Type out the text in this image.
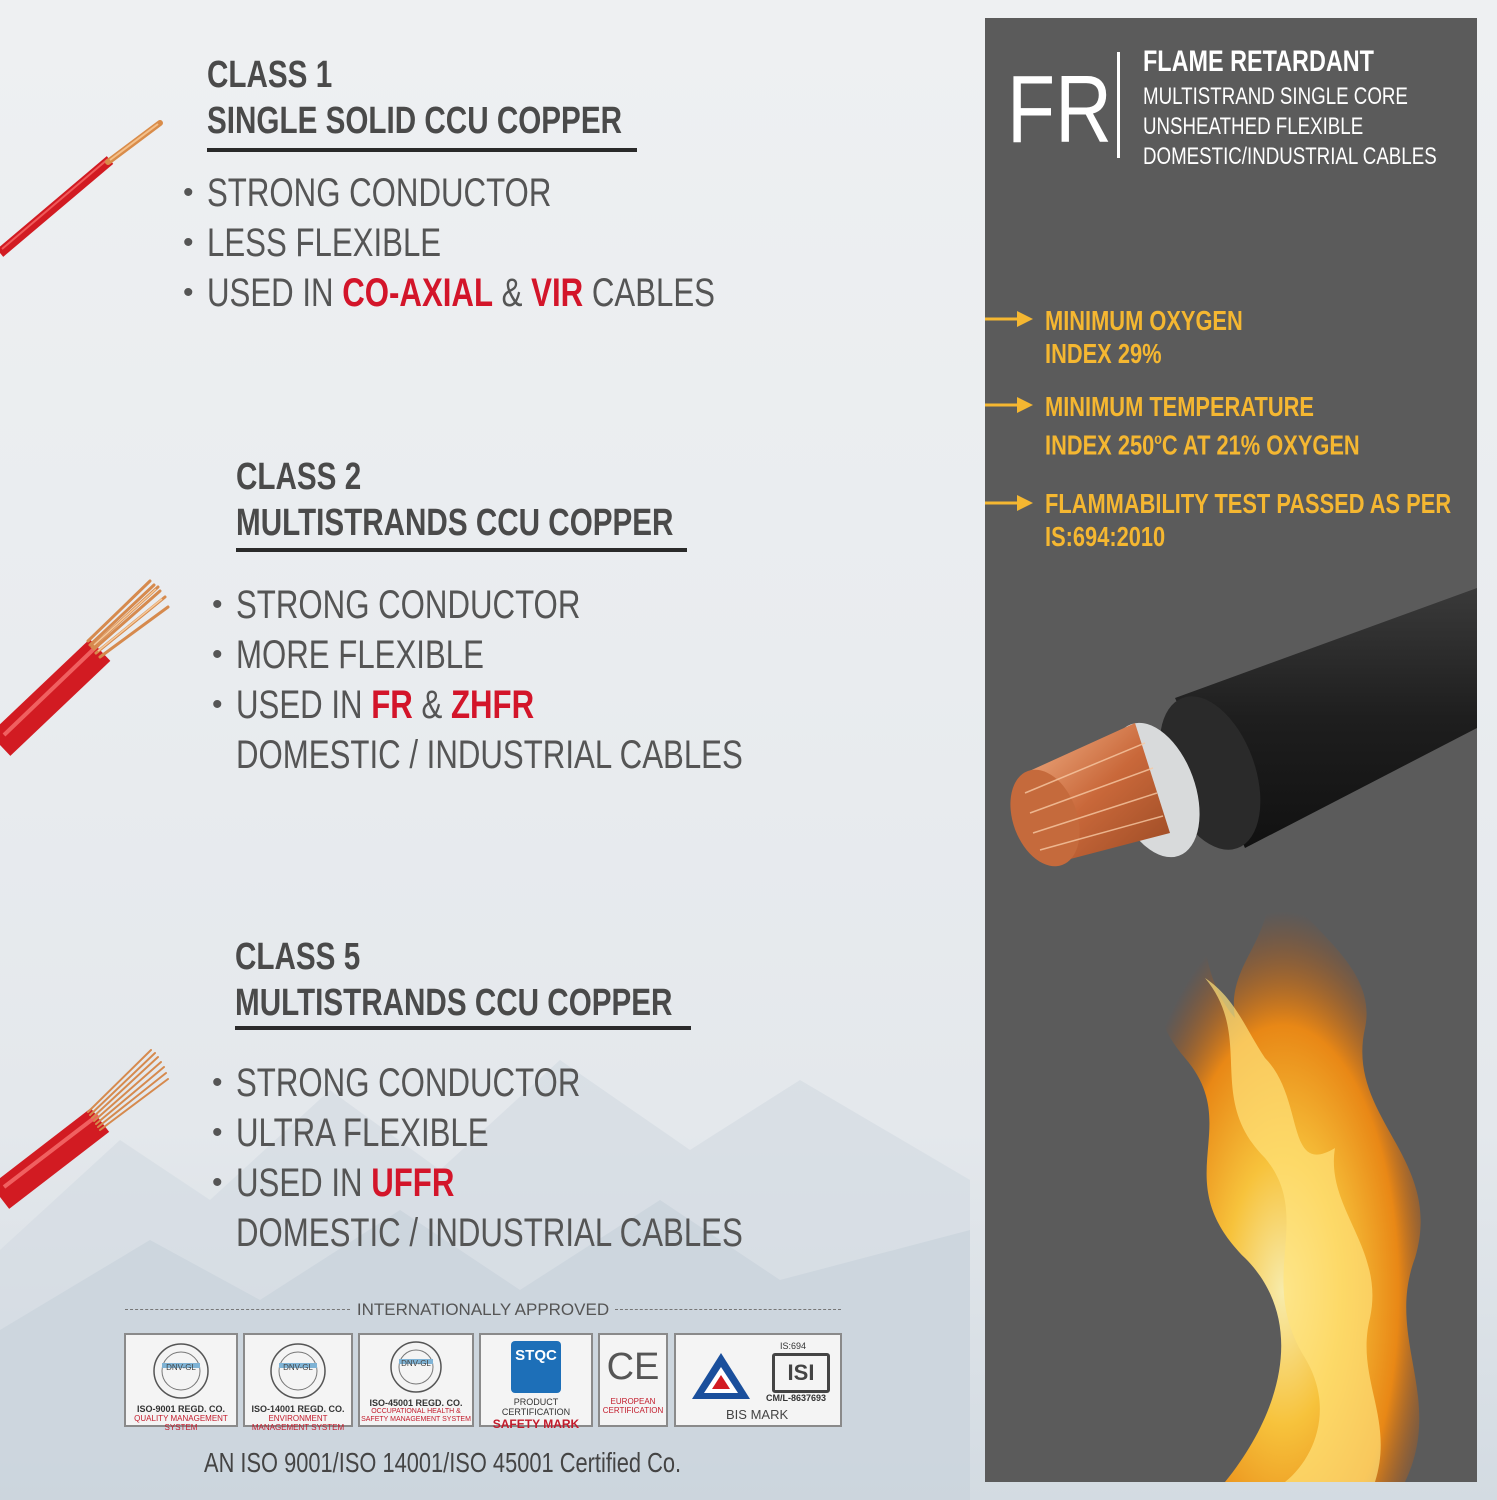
CLASS 1
SINGLE SOLID CCU COPPER
• STRONG CONDUCTOR
• LESS FLEXIBLE
• USED IN CO-AXIAL & VIR CABLES
CLASS 2
MULTISTRANDS CCU COPPER
• STRONG CONDUCTOR
• MORE FLEXIBLE
• USED IN FR & ZHFR
DOMESTIC / INDUSTRIAL CABLES
CLASS 5
MULTISTRANDS CCU COPPER
• STRONG CONDUCTOR
• ULTRA FLEXIBLE
• USED IN UFFR
DOMESTIC / INDUSTRIAL CABLES
INTERNATIONALLY APPROVED
DNV-GL
ISO-9001 REGD. CO.
QUALITY MANAGEMENT SYSTEM
DNV-GL
ISO-14001 REGD. CO.
ENVIRONMENT MANAGEMENT SYSTEM
DNV-GL
ISO-45001 REGD. CO.
OCCUPATIONAL HEALTH & SAFETY MANAGEMENT SYSTEM
STQC
PRODUCT CERTIFICATION
SAFETY MARK
CE
EUROPEAN
CERTIFICATION
IS:694
ISI
CM/L-8637693
BIS MARK
AN ISO 9001/ISO 14001/ISO 45001 Certified Co.
FR	FLAME RETARDANT
MULTISTRAND SINGLE CORE
UNSHEATHED FLEXIBLE
DOMESTIC/INDUSTRIAL CABLES
MINIMUM OXYGEN
INDEX 29%
MINIMUM TEMPERATURE
INDEX 250$^o$C AT 21% OXYGEN
FLAMMABILITY TEST PASSED AS PER
IS:694:2010
